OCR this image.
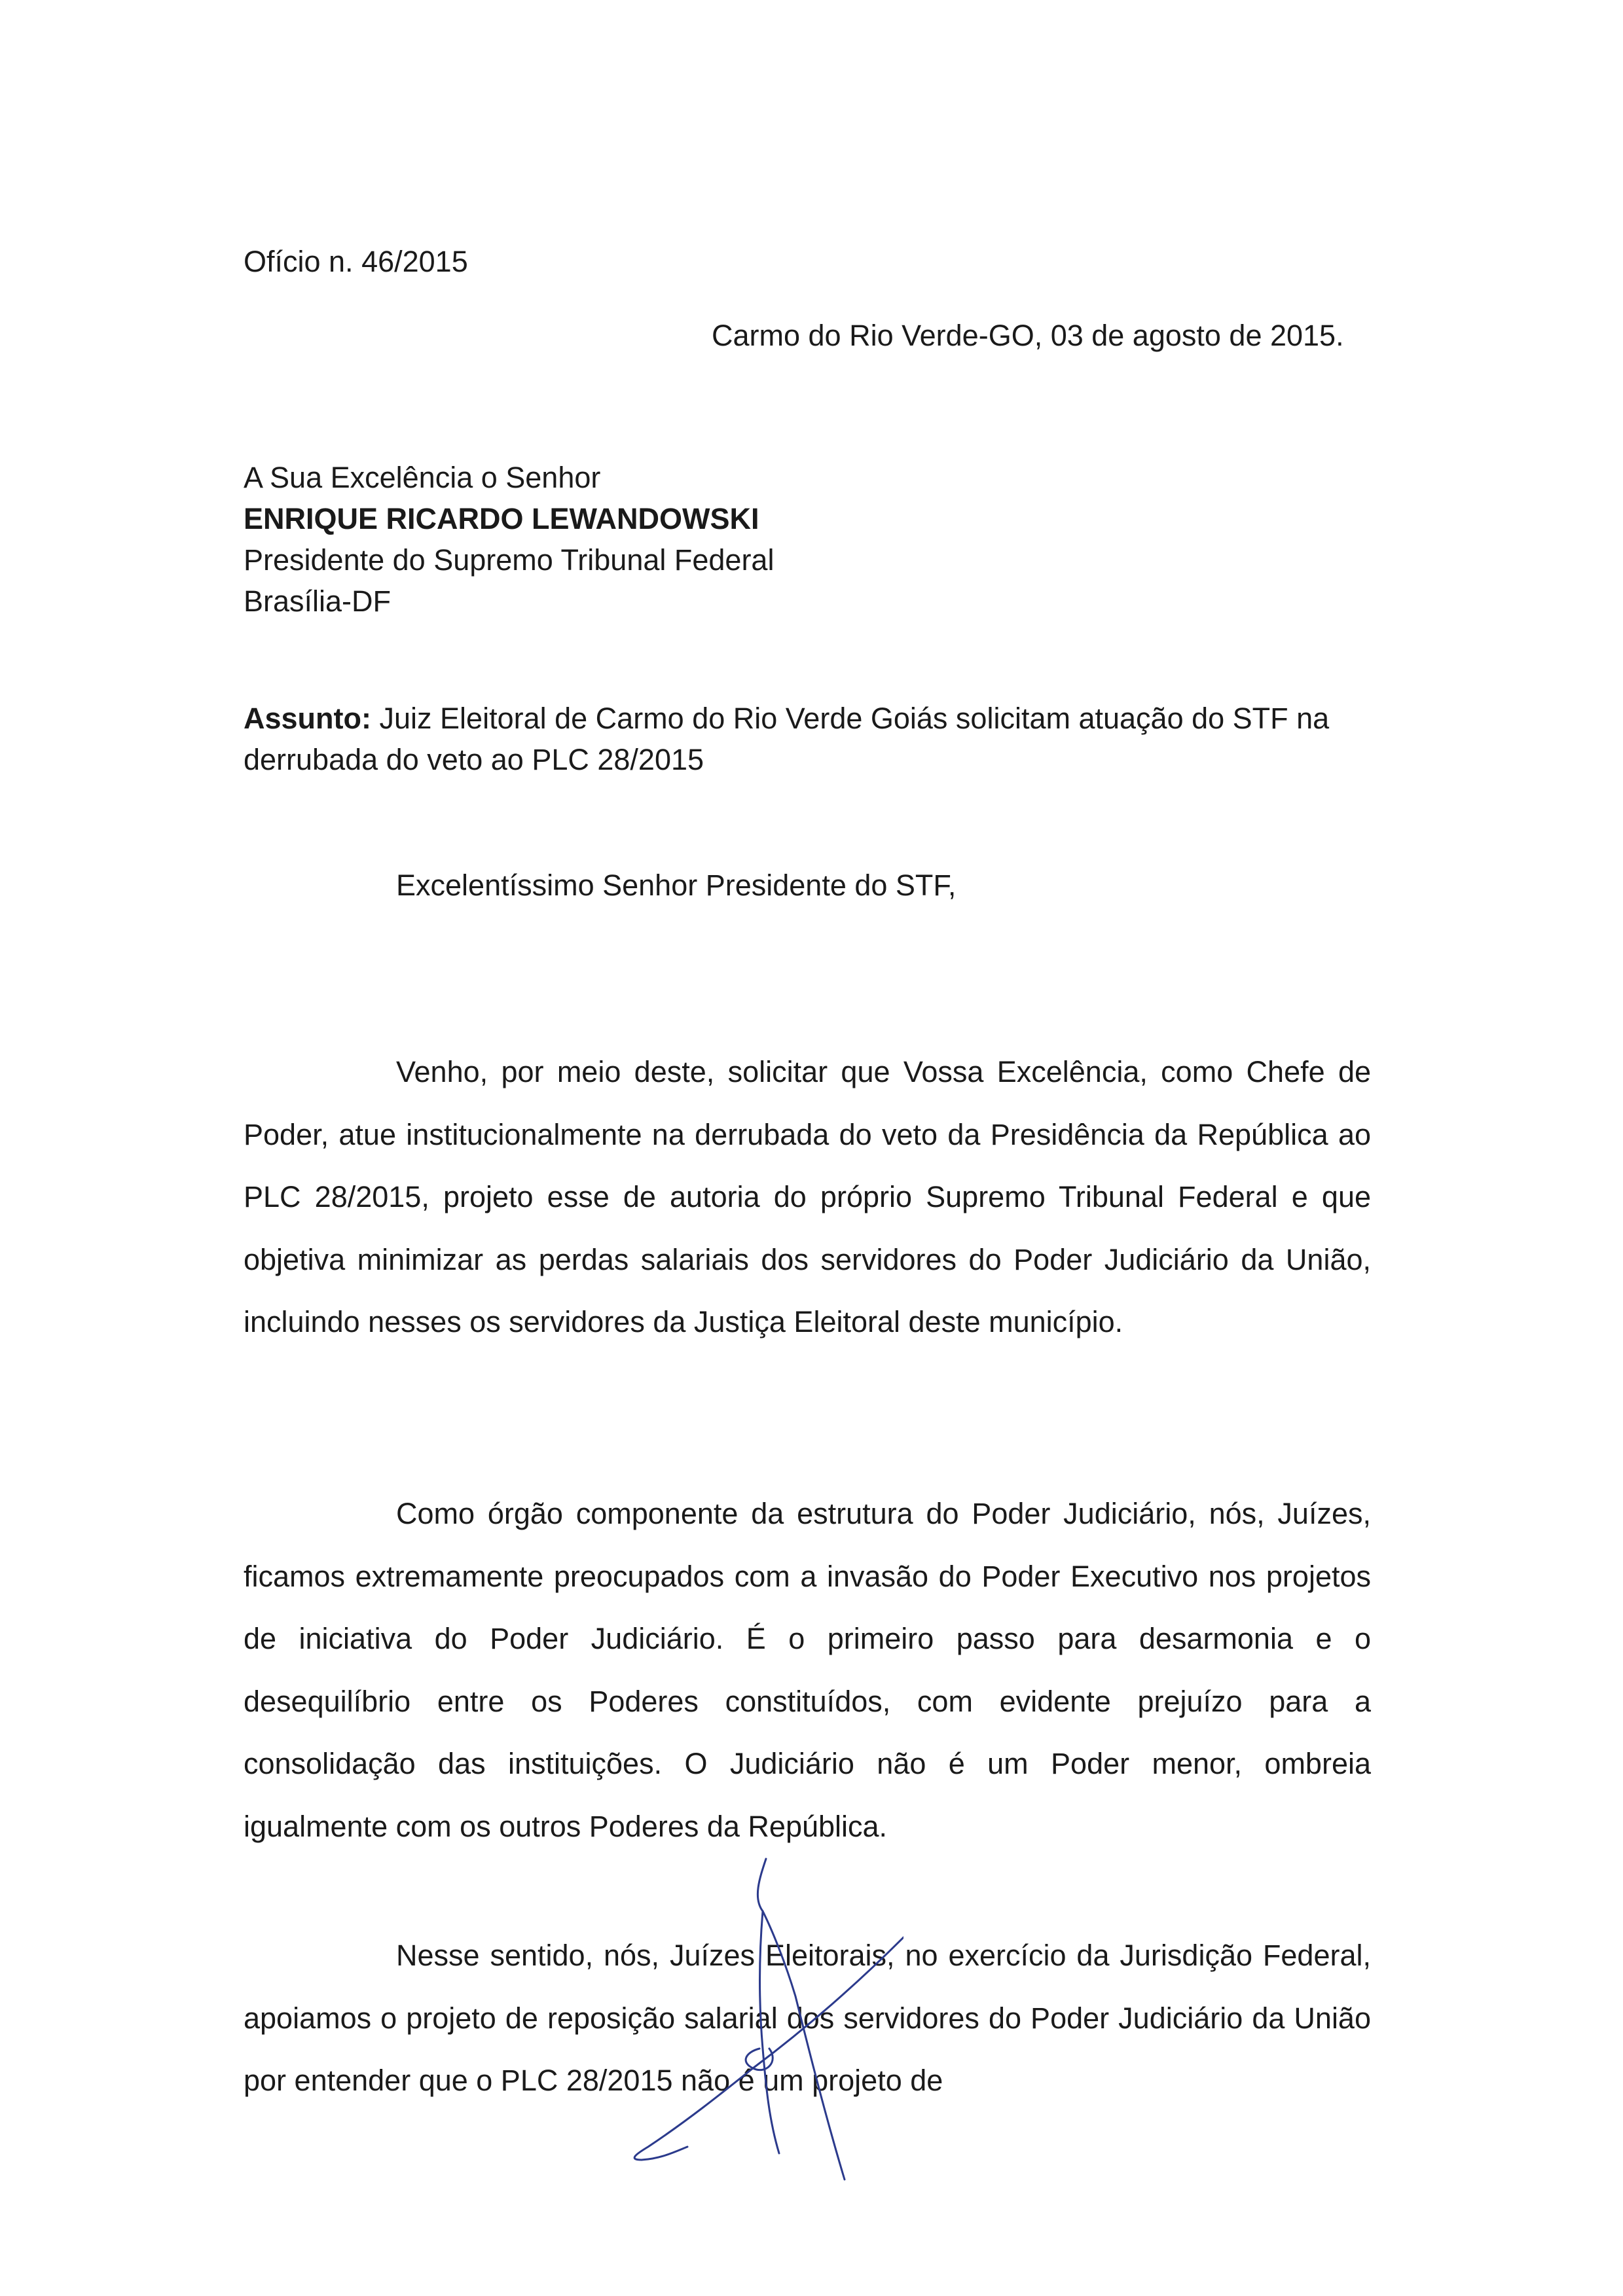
Ofício n. 46/2015
Carmo do Rio Verde-GO, 03 de agosto de 2015.
A Sua Excelência o Senhor
ENRIQUE RICARDO LEWANDOWSKI
Presidente do Supremo Tribunal Federal
Brasília-DF
Assunto: Juiz Eleitoral de Carmo do Rio Verde Goiás solicitam atuação do STF na derrubada do veto ao PLC 28/2015
Excelentíssimo Senhor Presidente do STF,

Venho, por meio deste, solicitar que Vossa Excelência, como Chefe de Poder, atue institucionalmente na derrubada do veto da Presidência da República ao PLC 28/2015, projeto esse de autoria do próprio Supremo Tribunal Federal e que objetiva minimizar as perdas salariais dos servidores do Poder Judiciário da União, incluindo nesses os servidores da Justiça Eleitoral deste município.

Como órgão componente da estrutura do Poder Judiciário, nós, Juízes, ficamos extremamente preocupados com a invasão do Poder Executivo nos projetos de iniciativa do Poder Judiciário. É o primeiro passo para desarmonia e o desequilíbrio entre os Poderes constituídos, com evidente prejuízo para a consolidação das instituições. O Judiciário não é um Poder menor, ombreia igualmente com os outros Poderes da República.

Nesse sentido, nós, Juízes Eleitorais, no exercício da Jurisdição Federal, apoiamos o projeto de reposição salarial dos servidores do Poder Judiciário da União por entender que o PLC 28/2015 não é um projeto de
